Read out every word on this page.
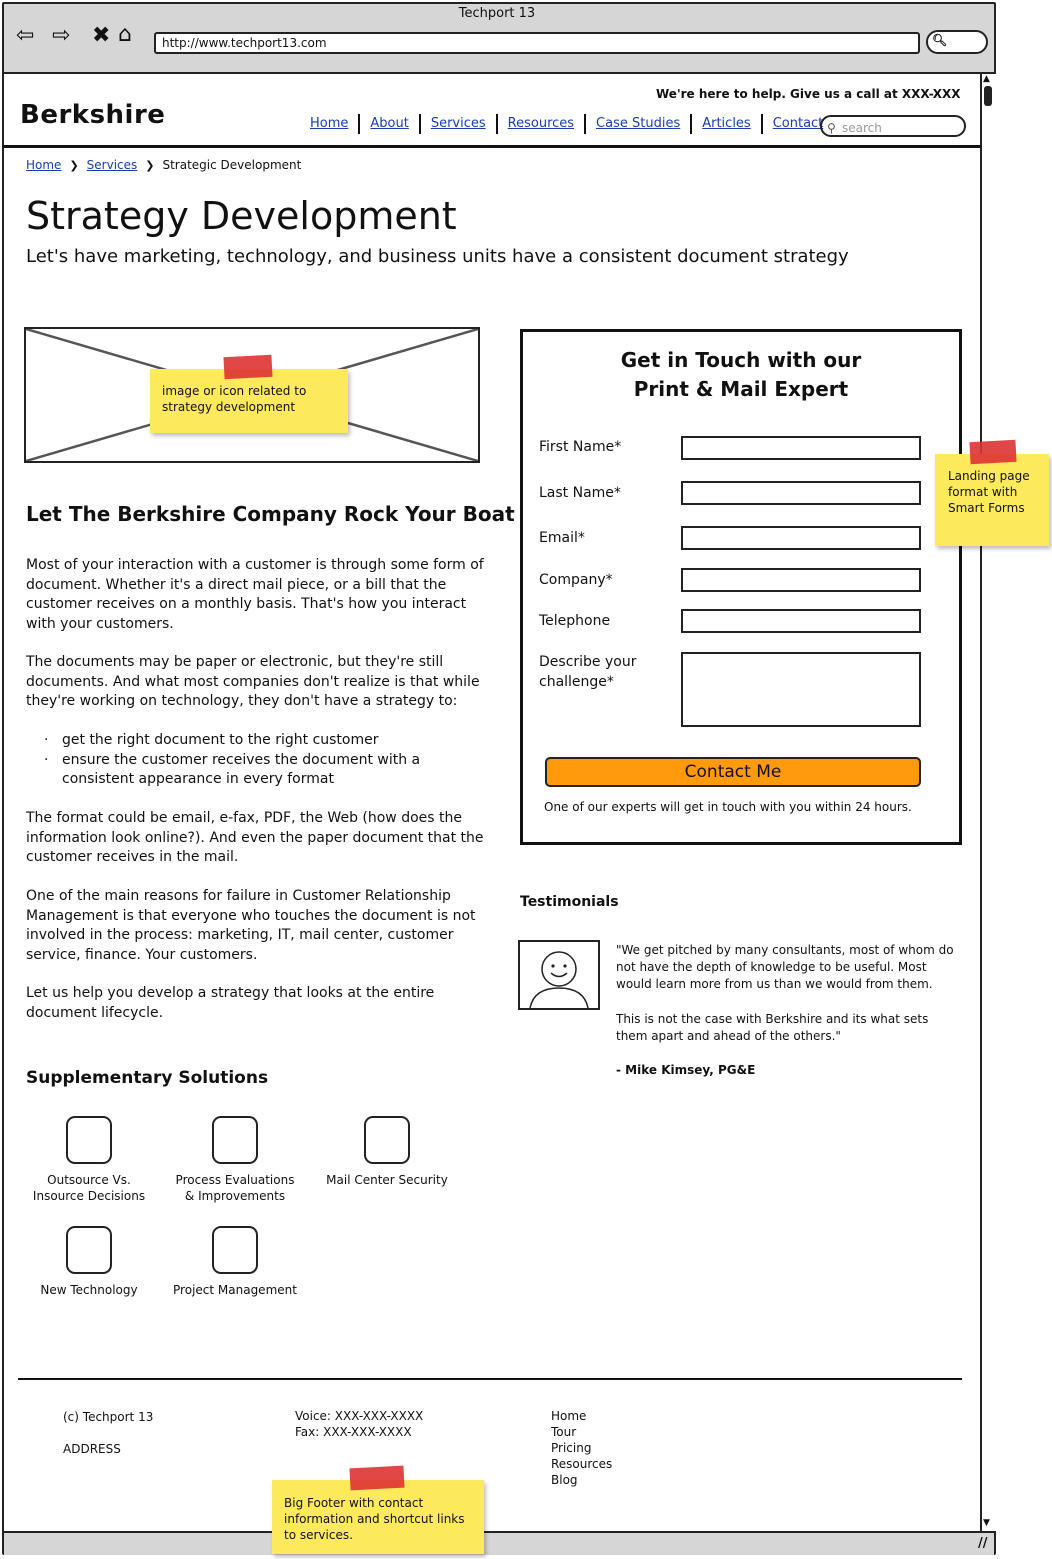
Techport 13
⇦ ⇨ ✖ ⌂	http://www.techport13.com	🔍︎
▲
▼
//
We're here to help. Give us a call at XXX-XXX
Berkshire	Home	About	Services	Resources	Case Studies	Articles	Contact ⚲ search
Home ❯ Services ❯ Strategic Development
Strategy Development
Let's have marketing, technology, and business units have a consistent document strategy
image or icon related to strategy development
Let The Berkshire Company Rock Your Boat
Most of your interaction with a customer is through some form of document. Whether it's a direct mail piece, or a bill that the customer receives on a monthly basis. That's how you interact with your customers.
The documents may be paper or electronic, but they're still documents. And what most companies don't realize is that while they're working on technology, they don't have a strategy to:
· get the right document to the right customer
· ensure the customer receives the document with a consistent appearance in every format
The format could be email, e-fax, PDF, the Web (how does the information look online?). And even the paper document that the customer receives in the mail.
One of the main reasons for failure in Customer Relationship Management is that everyone who touches the document is not involved in the process: marketing, IT, mail center, customer service, finance. Your customers.
Let us help you develop a strategy that looks at the entire document lifecycle.
Supplementary Solutions
Outsource Vs. Insource Decisions
Process Evaluations & Improvements
Mail Center Security
New Technology	Project Management
Get in Touch with our
Print & Mail Expert
First Name*
Last Name*
Email*
Company*
Telephone
Describe your
challenge*
Contact Me
One of our experts will get in touch with you within 24 hours.
Landing page format with Smart Forms
Testimonials
"We get pitched by many consultants, most of whom do not have the depth of knowledge to be useful. Most would learn more from us than we would from them.
This is not the case with Berkshire and its what sets them apart and ahead of the others."
- Mike Kimsey, PG&E
(c) Techport 13
ADDRESS
Voice: XXX-XXX-XXXX
Fax: XXX-XXX-XXXX
Home
Tour
Pricing
Resources
Blog
Big Footer with contact information and shortcut links to services.
